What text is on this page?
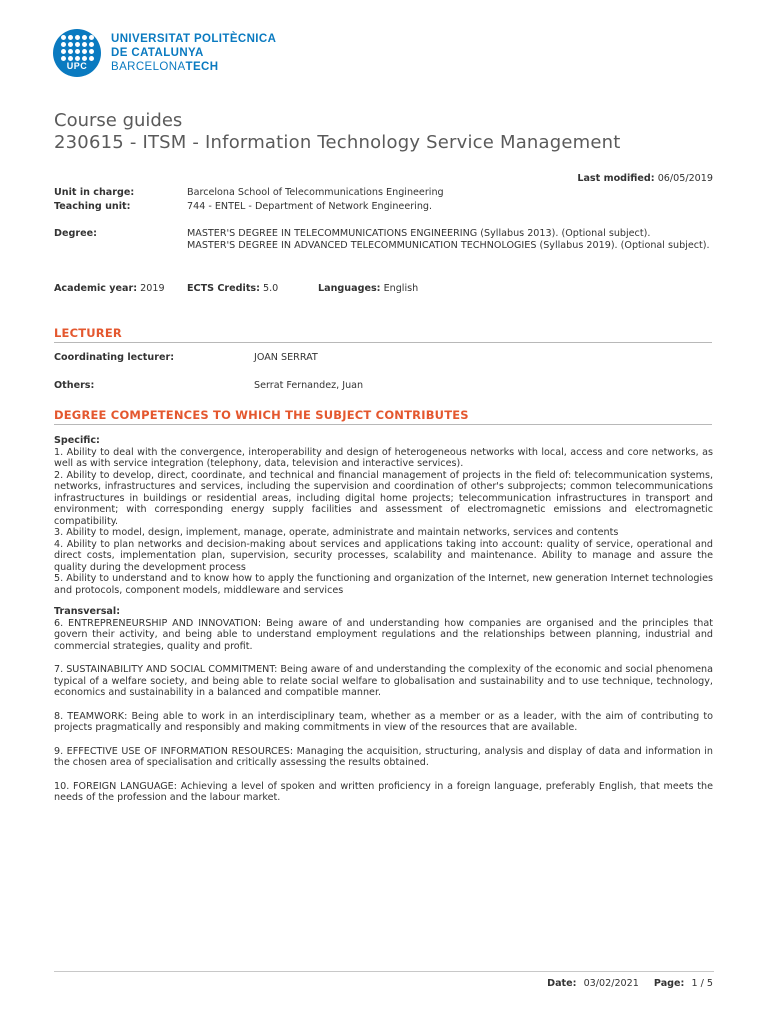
UPC
UNIVERSITAT POLITÈCNICA
DE CATALUNYA
BARCELONATECH
Course guides
230615 - ITSM - Information Technology Service Management
Last modified: 06/05/2019
Unit in charge:	Barcelona School of Telecommunications Engineering
Teaching unit:	744 - ENTEL - Department of Network Engineering.
Degree:	MASTER'S DEGREE IN TELECOMMUNICATIONS ENGINEERING (Syllabus 2013). (Optional subject).
MASTER'S DEGREE IN ADVANCED TELECOMMUNICATION TECHNOLOGIES (Syllabus 2019). (Optional subject).
Academic year: 2019 ECTS Credits: 5.0	Languages: English
LECTURER
Coordinating lecturer:	JOAN SERRAT
Others:	Serrat Fernandez, Juan
DEGREE COMPETENCES TO WHICH THE SUBJECT CONTRIBUTES

Specific:

1. Ability to deal with the convergence, interoperability and design of heterogeneous networks with local, access and core networks, as well as with service integration (telephony, data, television and interactive services).

2. Ability to develop, direct, coordinate, and technical and financial management of projects in the field of: telecommunication systems, networks, infrastructures and services, including the supervision and coordination of other's subprojects; common telecommunications infrastructures in buildings or residential areas, including digital home projects; telecommunication infrastructures in transport and environment; with corresponding energy supply facilities and assessment of electromagnetic emissions and electromagnetic compatibility.

3. Ability to model, design, implement, manage, operate, administrate and maintain networks, services and contents

4. Ability to plan networks and decision-making about services and applications taking into account: quality of service, operational and direct costs, implementation plan, supervision, security processes, scalability and maintenance. Ability to manage and assure the quality during the development process

5. Ability to understand and to know how to apply the functioning and organization of the Internet, new generation Internet technologies and protocols, component models, middleware and services

Transversal:

6. ENTREPRENEURSHIP AND INNOVATION: Being aware of and understanding how companies are organised and the principles that govern their activity, and being able to understand employment regulations and the relationships between planning, industrial and commercial strategies, quality and profit.

7. SUSTAINABILITY AND SOCIAL COMMITMENT: Being aware of and understanding the complexity of the economic and social phenomena typical of a welfare society, and being able to relate social welfare to globalisation and sustainability and to use technique, technology, economics and sustainability in a balanced and compatible manner.

8. TEAMWORK: Being able to work in an interdisciplinary team, whether as a member or as a leader, with the aim of contributing to projects pragmatically and responsibly and making commitments in view of the resources that are available.

9. EFFECTIVE USE OF INFORMATION RESOURCES: Managing the acquisition, structuring, analysis and display of data and information in the chosen area of specialisation and critically assessing the results obtained.

10. FOREIGN LANGUAGE: Achieving a level of spoken and written proficiency in a foreign language, preferably English, that meets the needs of the profession and the labour market.

Date: 03/02/2021 Page: 1 / 5
